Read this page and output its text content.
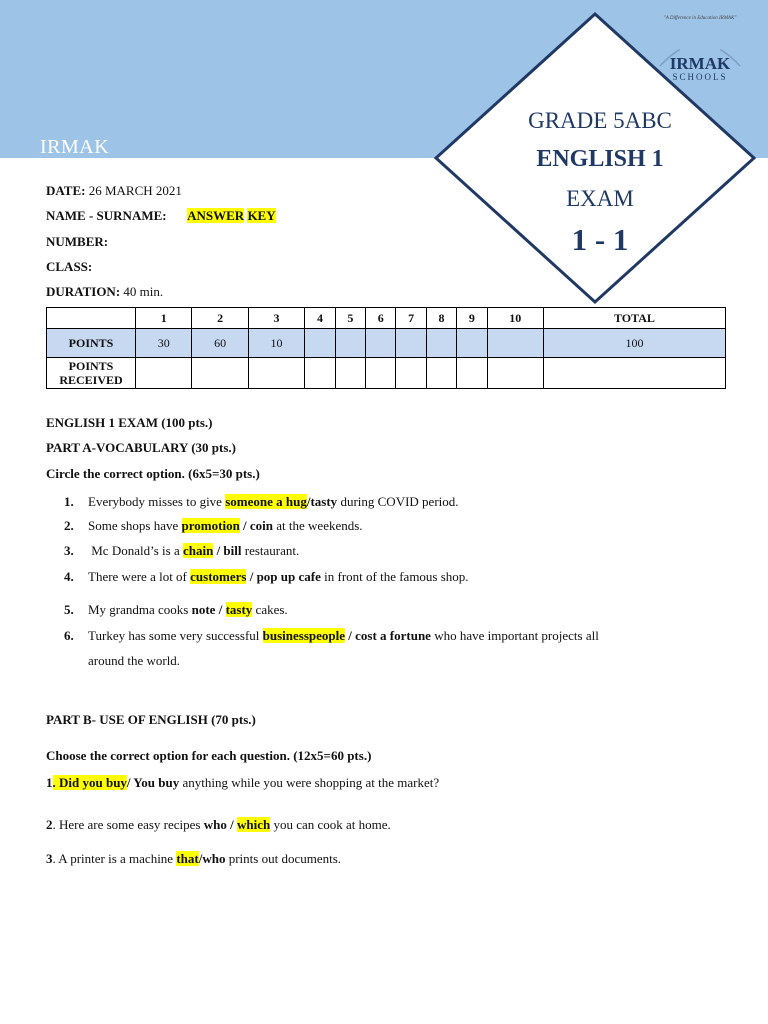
IRMAK
GRADE 5ABC
ENGLISH 1
EXAM
1 - 1
"A Difference in Education IRMAK"
IRMAK
SCHOOLS
DATE: 26 MARCH 2021
NAME - SURNAME: ANSWER KEY
NUMBER:
CLASS:
DURATION: 40 min.
	1	2	3	4	5	6	7	8	9	10	TOTAL
POINTS	30	60	10								100
POINTS
RECEIVED											
ENGLISH 1 EXAM (100 pts.)
PART A-VOCABULARY (30 pts.)
Circle the correct option. (6x5=30 pts.)
1. Everybody misses to give someone a hug/tasty during COVID period.
2. Some shops have promotion / coin at the weekends.
3. Mc Donald’s is a chain / bill restaurant.
4. There were a lot of customers / pop up cafe in front of the famous shop.
5. My grandma cooks note / tasty cakes.
6. Turkey has some very successful businesspeople / cost a fortune who have important projects all
around the world.
PART B- USE OF ENGLISH (70 pts.)
Choose the correct option for each question. (12x5=60 pts.)
1. Did you buy/ You buy anything while you were shopping at the market?
2. Here are some easy recipes who / which you can cook at home.
3. A printer is a machine that/who prints out documents.
